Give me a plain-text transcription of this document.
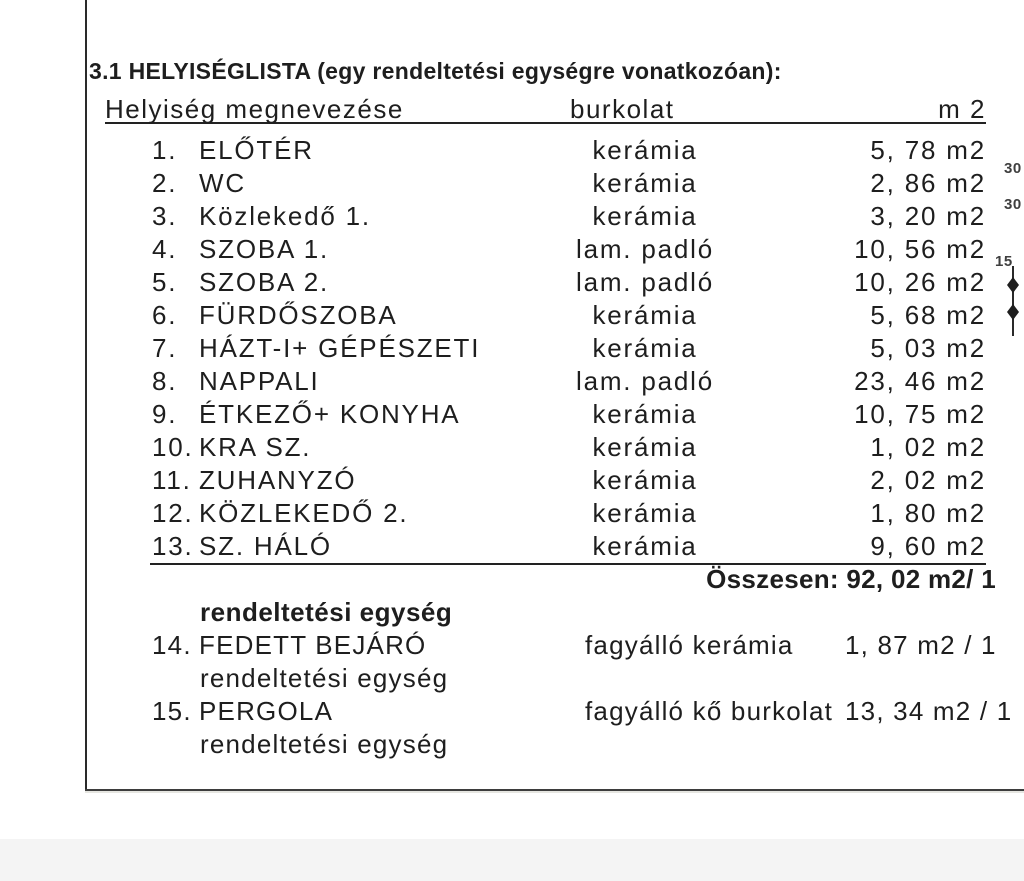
3.1 HELYISÉGLISTA (egy rendeltetési egységre vonatkozóan):
Helyiség megnevezése	burkolat	m 2
1. ELŐTÉR	kerámia	5, 78 m2
2. WC	kerámia	2, 86 m2
3. Közlekedő 1.	kerámia	3, 20 m2
4. SZOBA 1.	lam. padló	10, 56 m2
5. SZOBA 2.	lam. padló	10, 26 m2
6. FÜRDŐSZOBA	kerámia	5, 68 m2
7. HÁZT-I+ GÉPÉSZETI	kerámia	5, 03 m2
8. NAPPALI	lam. padló	23, 46 m2
9. ÉTKEZŐ+ KONYHA	kerámia	10, 75 m2
10. KRA SZ.	kerámia	1, 02 m2
11. ZUHANYZÓ	kerámia	2, 02 m2
12. KÖZLEKEDŐ 2.	kerámia	1, 80 m2
13. SZ. HÁLÓ	kerámia	9, 60 m2
Összesen: 92, 02 m2/ 1
rendeltetési egység
14. FEDETT BEJÁRÓ	fagyálló kerámia	1, 87 m2 / 1
rendeltetési egység
15. PERGOLA	fagyálló kő burkolat 13, 34 m2 / 1
rendeltetési egység
30
30
15
